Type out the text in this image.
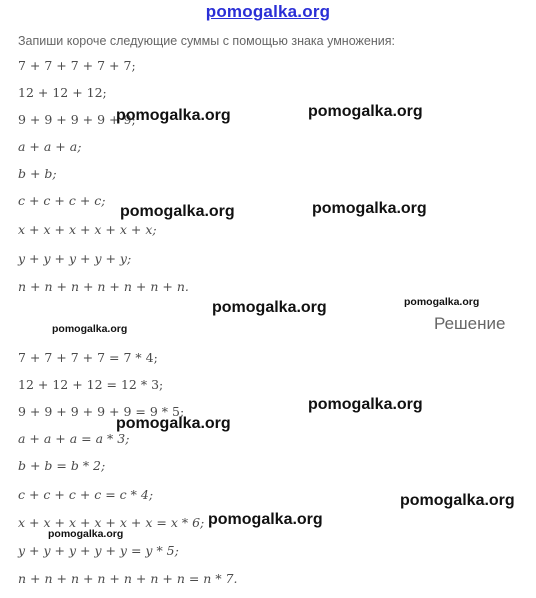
pomogalka.org
Запиши короче следующие суммы с помощью знака умножения:
7 + 7 + 7 + 7 + 7;
12 + 12 + 12;
9 + 9 + 9 + 9 + 9;
a + a + a;
b + b;
c + c + c + c;
x + x + x + x + x + x;
y + y + y + y + y;
n + n + n + n + n + n + n.
Решение
7 + 7 + 7 + 7 = 7 * 4;
12 + 12 + 12 = 12 * 3;
9 + 9 + 9 + 9 + 9 = 9 * 5;
a + a + a = a * 3;
b + b = b * 2;
c + c + c + c = c * 4;
x + x + x + x + x + x = x * 6;
y + y + y + y + y = y * 5;
n + n + n + n + n + n + n = n * 7.
pomogalka.org	pomogalka.org
pomogalka.org	pomogalka.org
pomogalka.org	pomogalka.org
pomogalka.org
pomogalka.org
pomogalka.org
pomogalka.org
pomogalka.org
pomogalka.org
